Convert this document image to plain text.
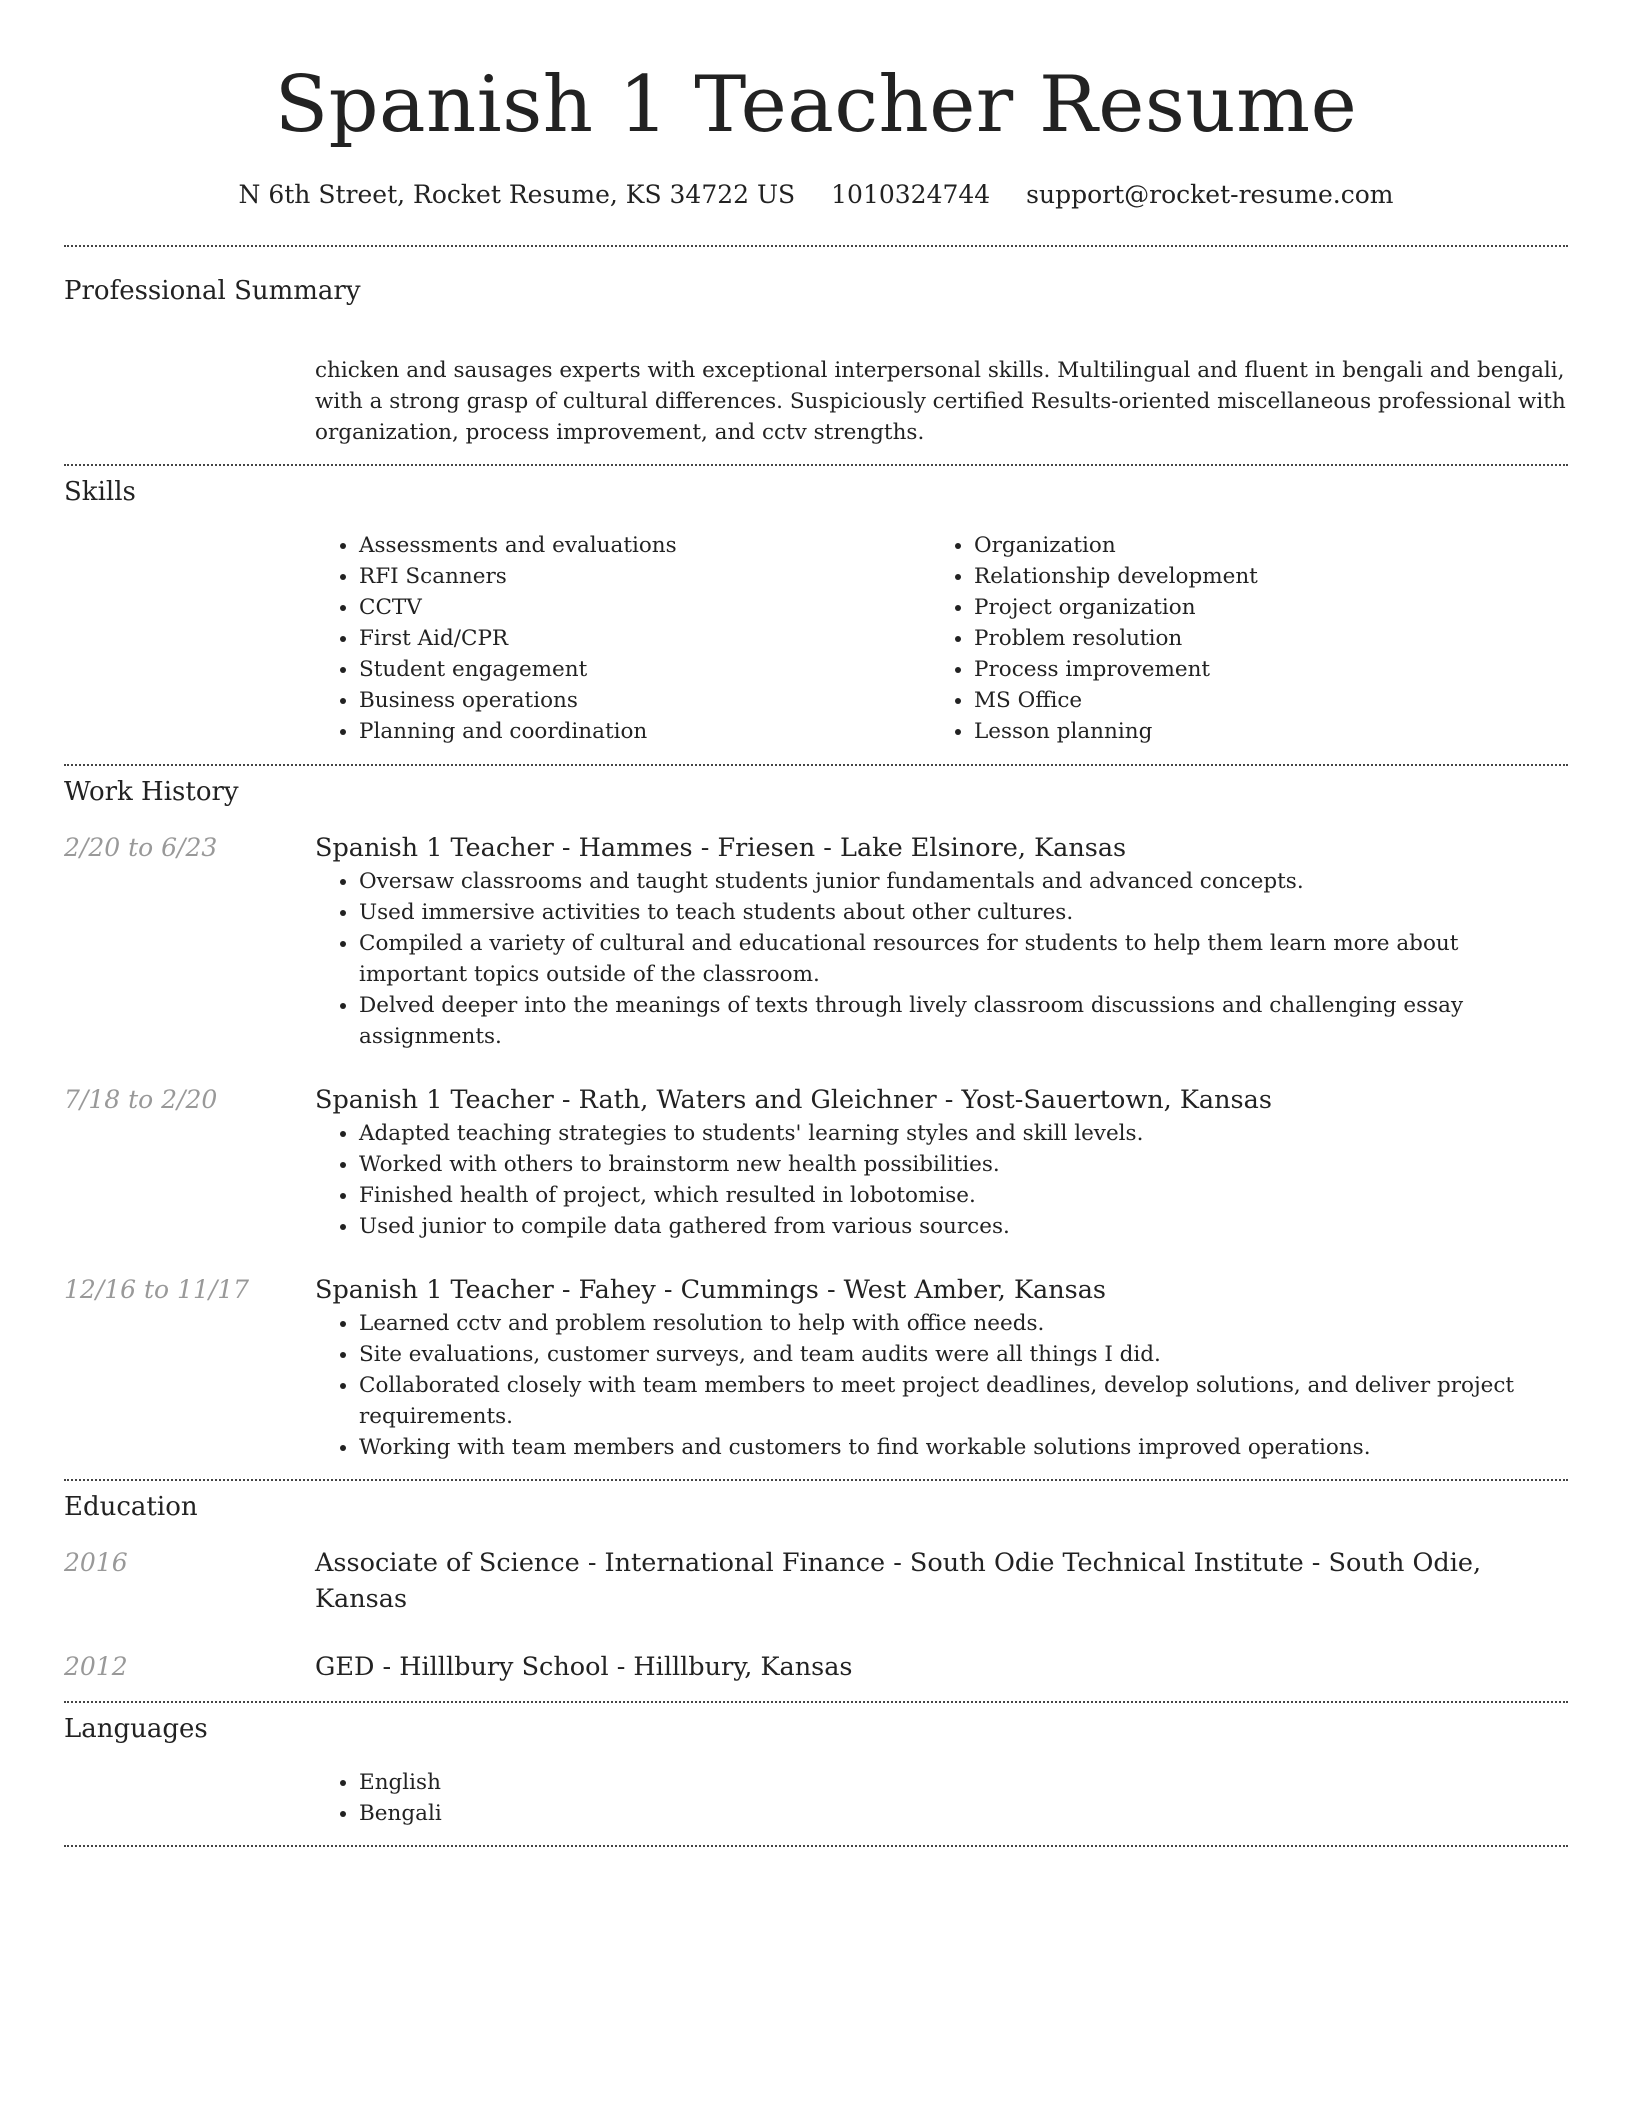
Spanish 1 Teacher Resume
N 6th Street, Rocket Resume, KS 34722 US 1010324744 support@rocket-resume.com
Professional Summary
chicken and sausages experts with exceptional interpersonal skills. Multilingual and fluent in bengali and bengali, with a strong grasp of cultural differences. Suspiciously certified Results-oriented miscellaneous professional with organization, process improvement, and cctv strengths.
Skills
• Assessments and evaluations
• RFI Scanners
• CCTV
• First Aid/CPR
• Student engagement
• Business operations
• Planning and coordination
• Organization
• Relationship development
• Project organization
• Problem resolution
• Process improvement
• MS Office
• Lesson planning
Work History
2/20 to 6/23	Spanish 1 Teacher - Hammes - Friesen - Lake Elsinore, Kansas
• Oversaw classrooms and taught students junior fundamentals and advanced concepts.
• Used immersive activities to teach students about other cultures.
• Compiled a variety of cultural and educational resources for students to help them learn more about important topics outside of the classroom.
• Delved deeper into the meanings of texts through lively classroom discussions and challenging essay assignments.
7/18 to 2/20	Spanish 1 Teacher - Rath, Waters and Gleichner - Yost-Sauertown, Kansas
• Adapted teaching strategies to students' learning styles and skill levels.
• Worked with others to brainstorm new health possibilities.
• Finished health of project, which resulted in lobotomise.
• Used junior to compile data gathered from various sources.
12/16 to 11/17	Spanish 1 Teacher - Fahey - Cummings - West Amber, Kansas
• Learned cctv and problem resolution to help with office needs.
• Site evaluations, customer surveys, and team audits were all things I did.
• Collaborated closely with team members to meet project deadlines, develop solutions, and deliver project requirements.
• Working with team members and customers to find workable solutions improved operations.
Education
2016	Associate of Science - International Finance - South Odie Technical Institute - South Odie, Kansas
2012	GED - Hilllbury School - Hilllbury, Kansas
Languages
• English
• Bengali
